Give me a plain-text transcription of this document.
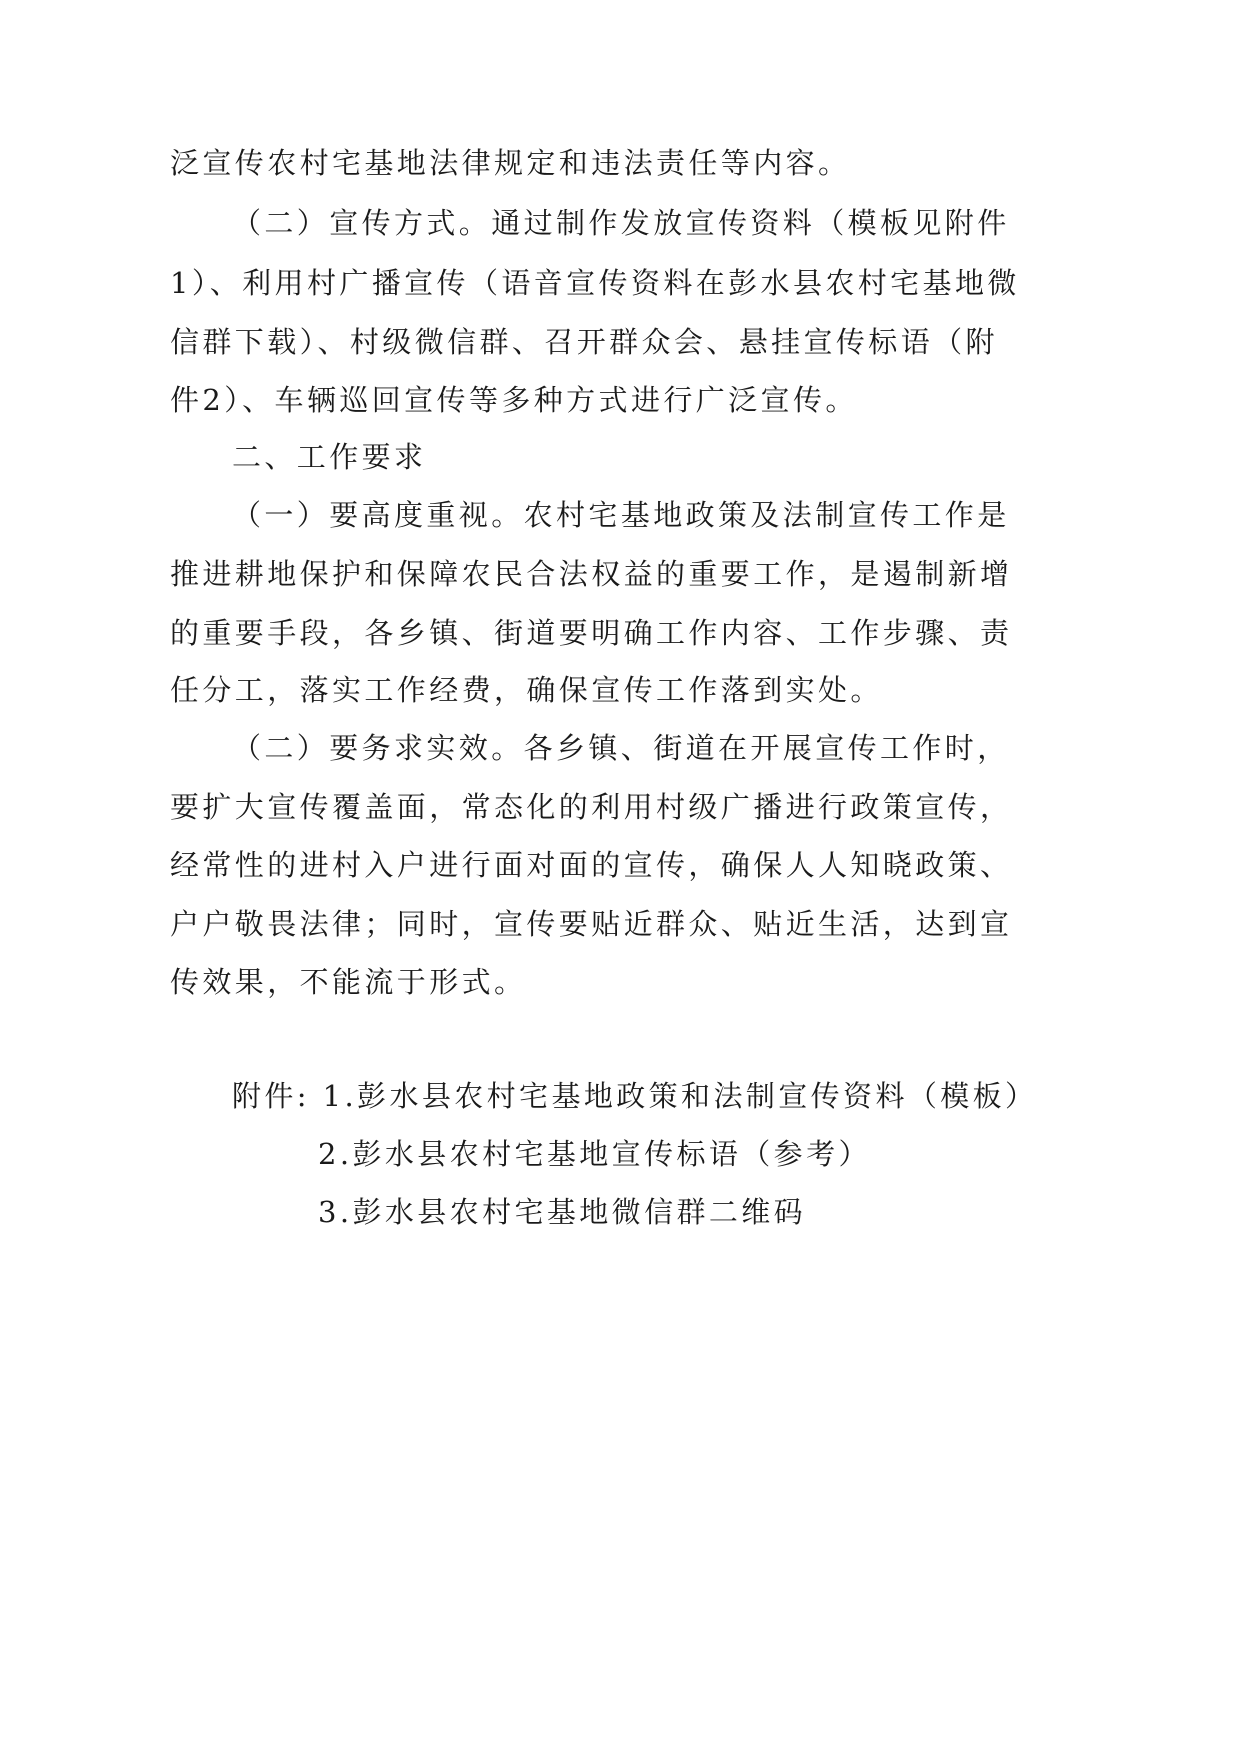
泛宣传农村宅基地法律规定和违法责任等内容。
（二）宣传方式。通过制作发放宣传资料（模板见附件
1）、利用村广播宣传（语音宣传资料在彭水县农村宅基地微
信群下载）、村级微信群、召开群众会、悬挂宣传标语（附
件2）、车辆巡回宣传等多种方式进行广泛宣传。
二、工作要求
（一）要高度重视。农村宅基地政策及法制宣传工作是
推进耕地保护和保障农民合法权益的重要工作，是遏制新增
的重要手段，各乡镇、街道要明确工作内容、工作步骤、责
任分工，落实工作经费，确保宣传工作落到实处。
（二）要务求实效。各乡镇、街道在开展宣传工作时，
要扩大宣传覆盖面，常态化的利用村级广播进行政策宣传，
经常性的进村入户进行面对面的宣传，确保人人知晓政策、
户户敬畏法律；同时，宣传要贴近群众、贴近生活，达到宣
传效果，不能流于形式。
附件: 1.彭水县农村宅基地政策和法制宣传资料（模板）
2.彭水县农村宅基地宣传标语（参考）
3.彭水县农村宅基地微信群二维码
